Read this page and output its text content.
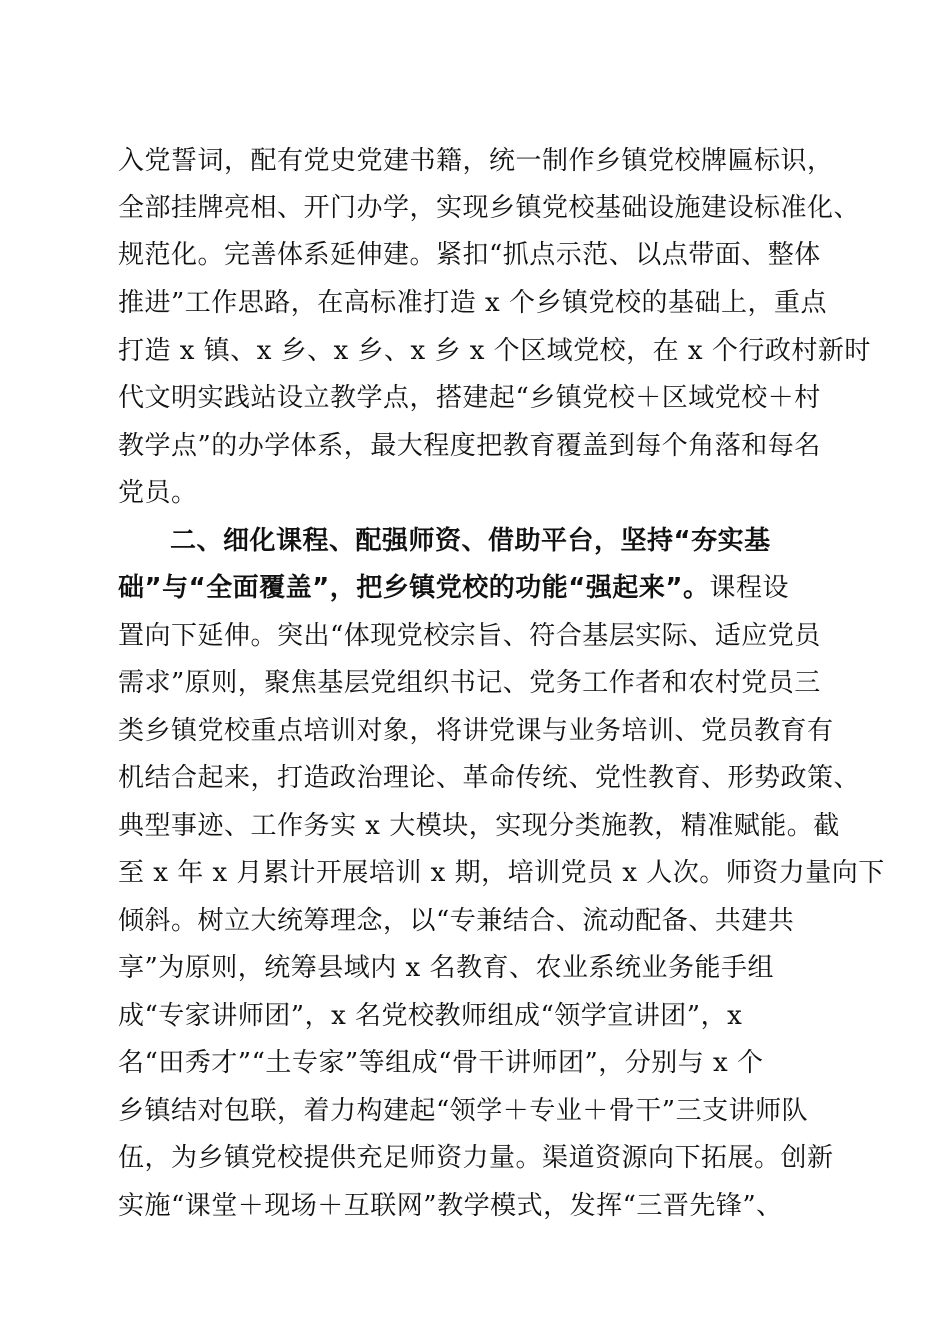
入党誓词，配有党史党建书籍，统一制作乡镇党校牌匾标识，
全部挂牌亮相、开门办学，实现乡镇党校基础设施建设标准化、
规范化。完善体系延伸建。紧扣“抓点示范、以点带面、整体
推进”工作思路，在高标准打造 x 个乡镇党校的基础上，重点
打造 x 镇、x 乡、x 乡、x 乡 x 个区域党校，在 x 个行政村新时
代文明实践站设立教学点，搭建起“乡镇党校＋区域党校＋村
教学点”的办学体系，最大程度把教育覆盖到每个角落和每名
党员。
二、细化课程、配强师资、借助平台，坚持“夯实基
础”与“全面覆盖”，把乡镇党校的功能“强起来”。课程设
置向下延伸。突出“体现党校宗旨、符合基层实际、适应党员
需求”原则，聚焦基层党组织书记、党务工作者和农村党员三
类乡镇党校重点培训对象，将讲党课与业务培训、党员教育有
机结合起来，打造政治理论、革命传统、党性教育、形势政策、
典型事迹、工作务实 x 大模块，实现分类施教，精准赋能。截
至 x 年 x 月累计开展培训 x 期，培训党员 x 人次。师资力量向下
倾斜。树立大统筹理念，以“专兼结合、流动配备、共建共
享”为原则，统筹县域内 x 名教育、农业系统业务能手组
成“专家讲师团”，x 名党校教师组成“领学宣讲团”，x
名“田秀才”“土专家”等组成“骨干讲师团”，分别与 x 个
乡镇结对包联，着力构建起“领学＋专业＋骨干”三支讲师队
伍，为乡镇党校提供充足师资力量。渠道资源向下拓展。创新
实施“课堂＋现场＋互联网”教学模式，发挥“三晋先锋”、
